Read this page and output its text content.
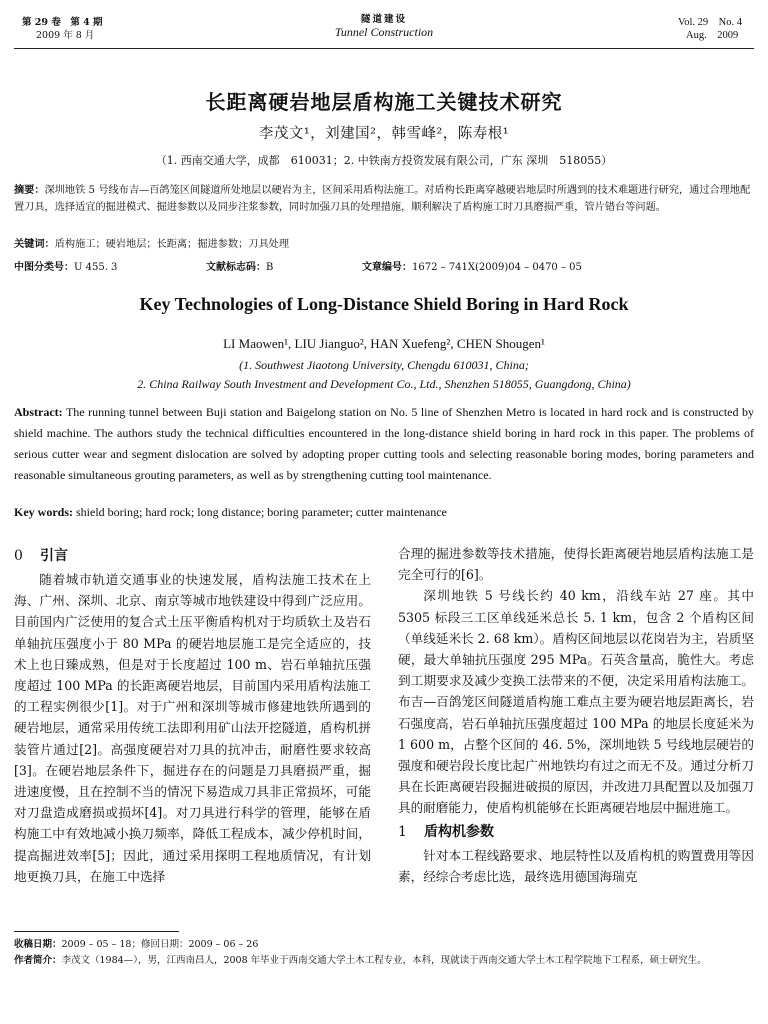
第 29 卷　第 4 期
2009 年 8 月
隧道建设
Tunnel Construction
Vol. 29　No. 4
Aug.　2009
长距离硬岩地层盾构施工关键技术研究
李茂文¹，刘建国²，韩雪峰²，陈寿根¹
（1. 西南交通大学，成都　610031；2. 中铁南方投资发展有限公司，广东 深圳　518055）
摘要：深圳地铁 5 号线布吉—百鸽笼区间隧道所处地层以硬岩为主，区间采用盾构法施工。对盾构长距离穿越硬岩地层时所遇到的技术难题进行研究，通过合理地配置刀具，选择适宜的掘进模式、掘进参数以及同步注浆参数，同时加强刀具的处理措施，顺利解决了盾构施工时刀具磨损严重，管片错台等问题。
关键词：盾构施工；硬岩地层；长距离；掘进参数；刀具处理
中图分类号：U 455. 3	文献标志码：B	文章编号：1672 – 741X(2009)04 – 0470 – 05
Key Technologies of Long-Distance Shield Boring in Hard Rock
LI Maowen¹, LIU Jianguo², HAN Xuefeng², CHEN Shougen¹
(1. Southwest Jiaotong University, Chengdu 610031, China;
2. China Railway South Investment and Development Co., Ltd., Shenzhen 518055, Guangdong, China)
Abstract: The running tunnel between Buji station and Baigelong station on No. 5 line of Shenzhen Metro is located in hard rock and is constructed by shield machine. The authors study the technical difficulties encountered in the long-distance shield boring in hard rock in this paper. The problems of serious cutter wear and segment dislocation are solved by adopting proper cutting tools and selecting reasonable boring modes, boring parameters and reasonable simultaneous grouting parameters, as well as by strengthening cutting tool maintenance.
Key words: shield boring; hard rock; long distance; boring parameter; cutter maintenance
0 引言

随着城市轨道交通事业的快速发展，盾构法施工技术在上海、广州、深圳、北京、南京等城市地铁建设中得到广泛应用。目前国内广泛使用的复合式土压平衡盾构机对于均质软土及岩石单轴抗压强度小于 80 MPa 的硬岩地层施工是完全适应的，技术上也日臻成熟，但是对于长度超过 100 m、岩石单轴抗压强度超过 100 MPa 的长距离硬岩地层，目前国内采用盾构法施工的工程实例很少[1]。对于广州和深圳等城市修建地铁所遇到的硬岩地层，通常采用传统工法即利用矿山法开挖隧道，盾构机拼装管片通过[2]。高强度硬岩对刀具的抗冲击，耐磨性要求较高[3]。在硬岩地层条件下，掘进存在的问题是刀具磨损严重，掘进速度慢，且在控制不当的情况下易造成刀具非正常损坏，可能对刀盘造成磨损或损坏[4]。对刀具进行科学的管理，能够在盾构施工中有效地减小换刀频率，降低工程成本，减少停机时间，提高掘进效率[5]；因此，通过采用探明工程地质情况，有计划地更换刀具，在施工中选择

合理的掘进参数等技术措施，使得长距离硬岩地层盾构法施工是完全可行的[6]。

深圳地铁 5 号线长约 40 km，沿线车站 27 座。其中 5305 标段三工区单线延米总长 5. 1 km，包含 2 个盾构区间（单线延米长 2. 68 km）。盾构区间地层以花岗岩为主，岩质坚硬，最大单轴抗压强度 295 MPa。石英含量高，脆性大。考虑到工期要求及减少变换工法带来的不便，决定采用盾构法施工。布吉—百鸽笼区间隧道盾构施工难点主要为硬岩地层距离长，岩石强度高，岩石单轴抗压强度超过 100 MPa 的地层长度延米为 1 600 m，占整个区间的 46. 5%，深圳地铁 5 号线地层硬岩的强度和硬岩段长度比起广州地铁均有过之而无不及。通过分析刀具在长距离硬岩段掘进破损的原因，并改进刀具配置以及加强刀具的耐磨能力，使盾构机能够在长距离硬岩地层中掘进施工。

1 盾构机参数

针对本工程线路要求、地层特性以及盾构机的购置费用等因素，经综合考虑比选，最终选用德国海瑞克

收稿日期：2009 – 05 – 18；修回日期：2009 – 06 – 26
作者简介：李茂文（1984—），男，江西南昌人，2008 年毕业于西南交通大学土木工程专业，本科，现就读于西南交通大学土木工程学院地下工程系，硕士研究生。
